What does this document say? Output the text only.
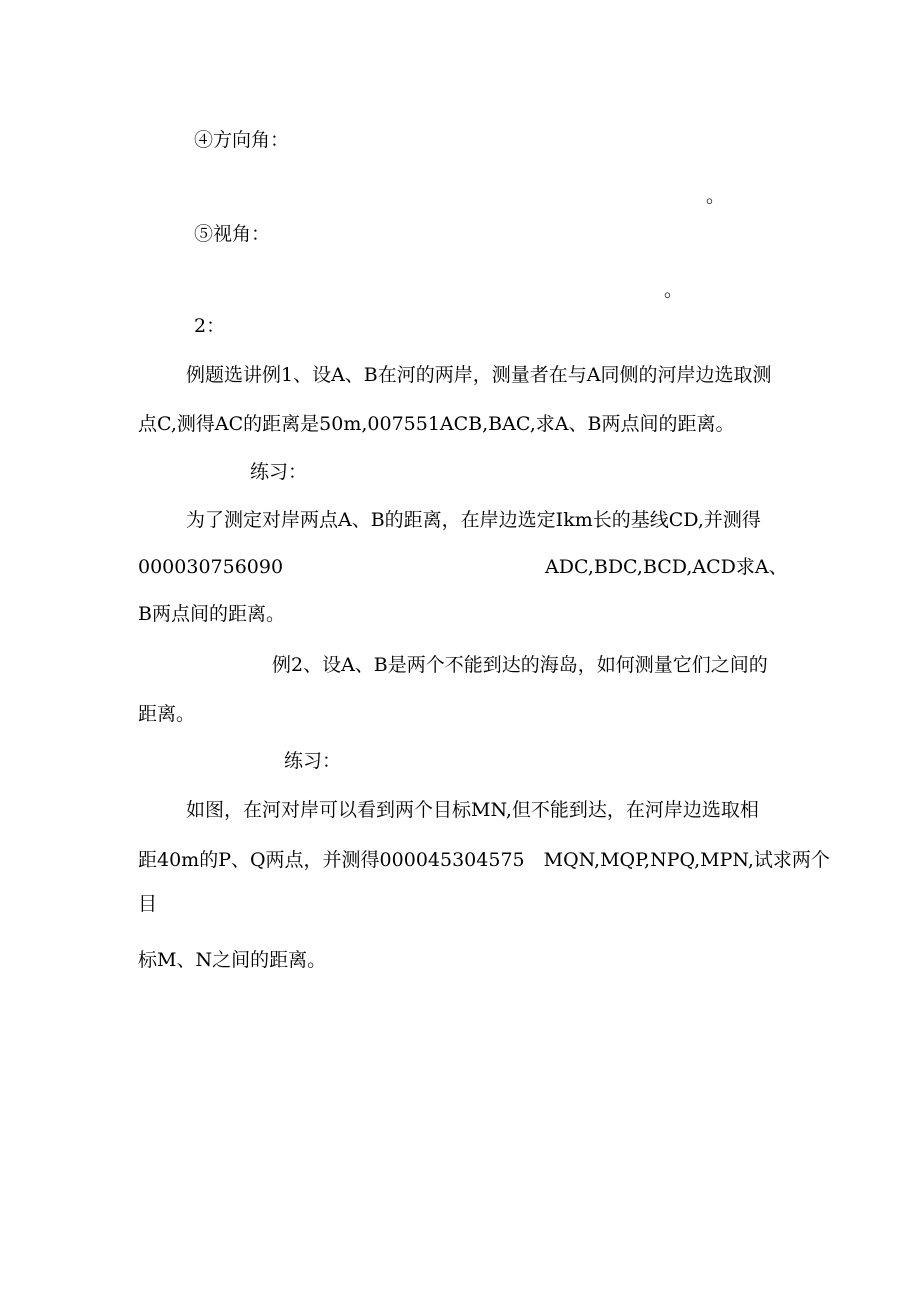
④方向角：
。
⑤视角：
。
2：
例题选讲例1、设A、B在河的两岸，测量者在与A同侧的河岸边选取测
点C,测得AC的距离是50m,007551ACB,BAC,求A、B两点间的距离。
练习：
为了测定对岸两点A、B的距离，在岸边选定Ikm长的基线CD,并测得
000030756090	ADC,BDC,BCD,ACD求A、
B两点间的距离。
例2、设A、B是两个不能到达的海岛，如何测量它们之间的
距离。
练习：
如图，在河对岸可以看到两个目标MN,但不能到达，在河岸边选取相
距40m的P、Q两点，并测得000045304575　MQN,MQP,NPQ,MPN,试求两个
目
标M、N之间的距离。
